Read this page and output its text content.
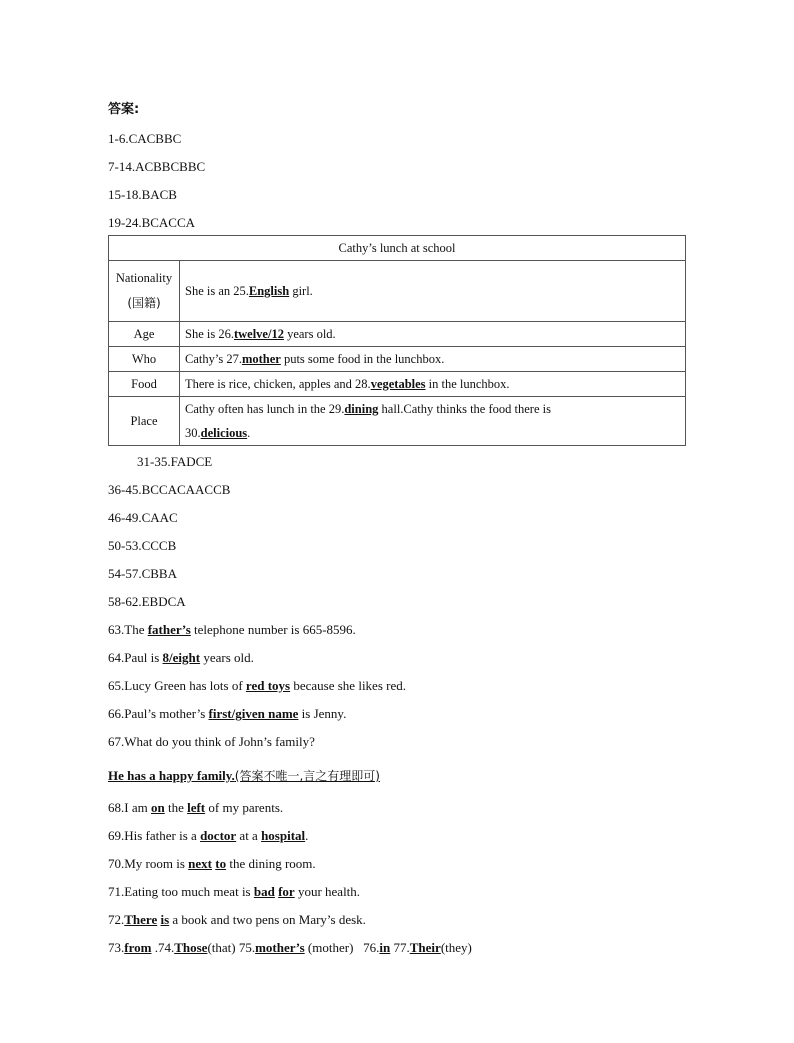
答案:
1-6.CACBBC
7-14.ACBBCBBC
15-18.BACB
19-24.BCACCA
Cathy’s lunch at school	
Nationality
(国籍)	She is an 25.English girl.
Age	She is 26.twelve/12 years old.
Who	Cathy’s 27.mother puts some food in the lunchbox.
Food	There is rice, chicken, apples and 28.vegetables in the lunchbox.
Place	Cathy often has lunch in the 29.dining hall.Cathy thinks the food there is
30.delicious.
31-35.FADCE
36-45.BCCACAACCB
46-49.CAAC
50-53.CCCB
54-57.CBBA
58-62.EBDCA
63.The father’s telephone number is 665-8596.
64.Paul is 8/eight years old.
65.Lucy Green has lots of red toys because she likes red.
66.Paul’s mother’s first/given name is Jenny.
67.What do you think of John’s family?
He has a happy family.(答案不唯一,言之有理即可)
68.I am on the left of my parents.
69.His father is a doctor at a hospital.
70.My room is next to the dining room.
71.Eating too much meat is bad for your health.
72.There is a book and two pens on Mary’s desk.
73.from .74.Those(that) 75.mother’s (mother)   76.in 77.Their(they)
